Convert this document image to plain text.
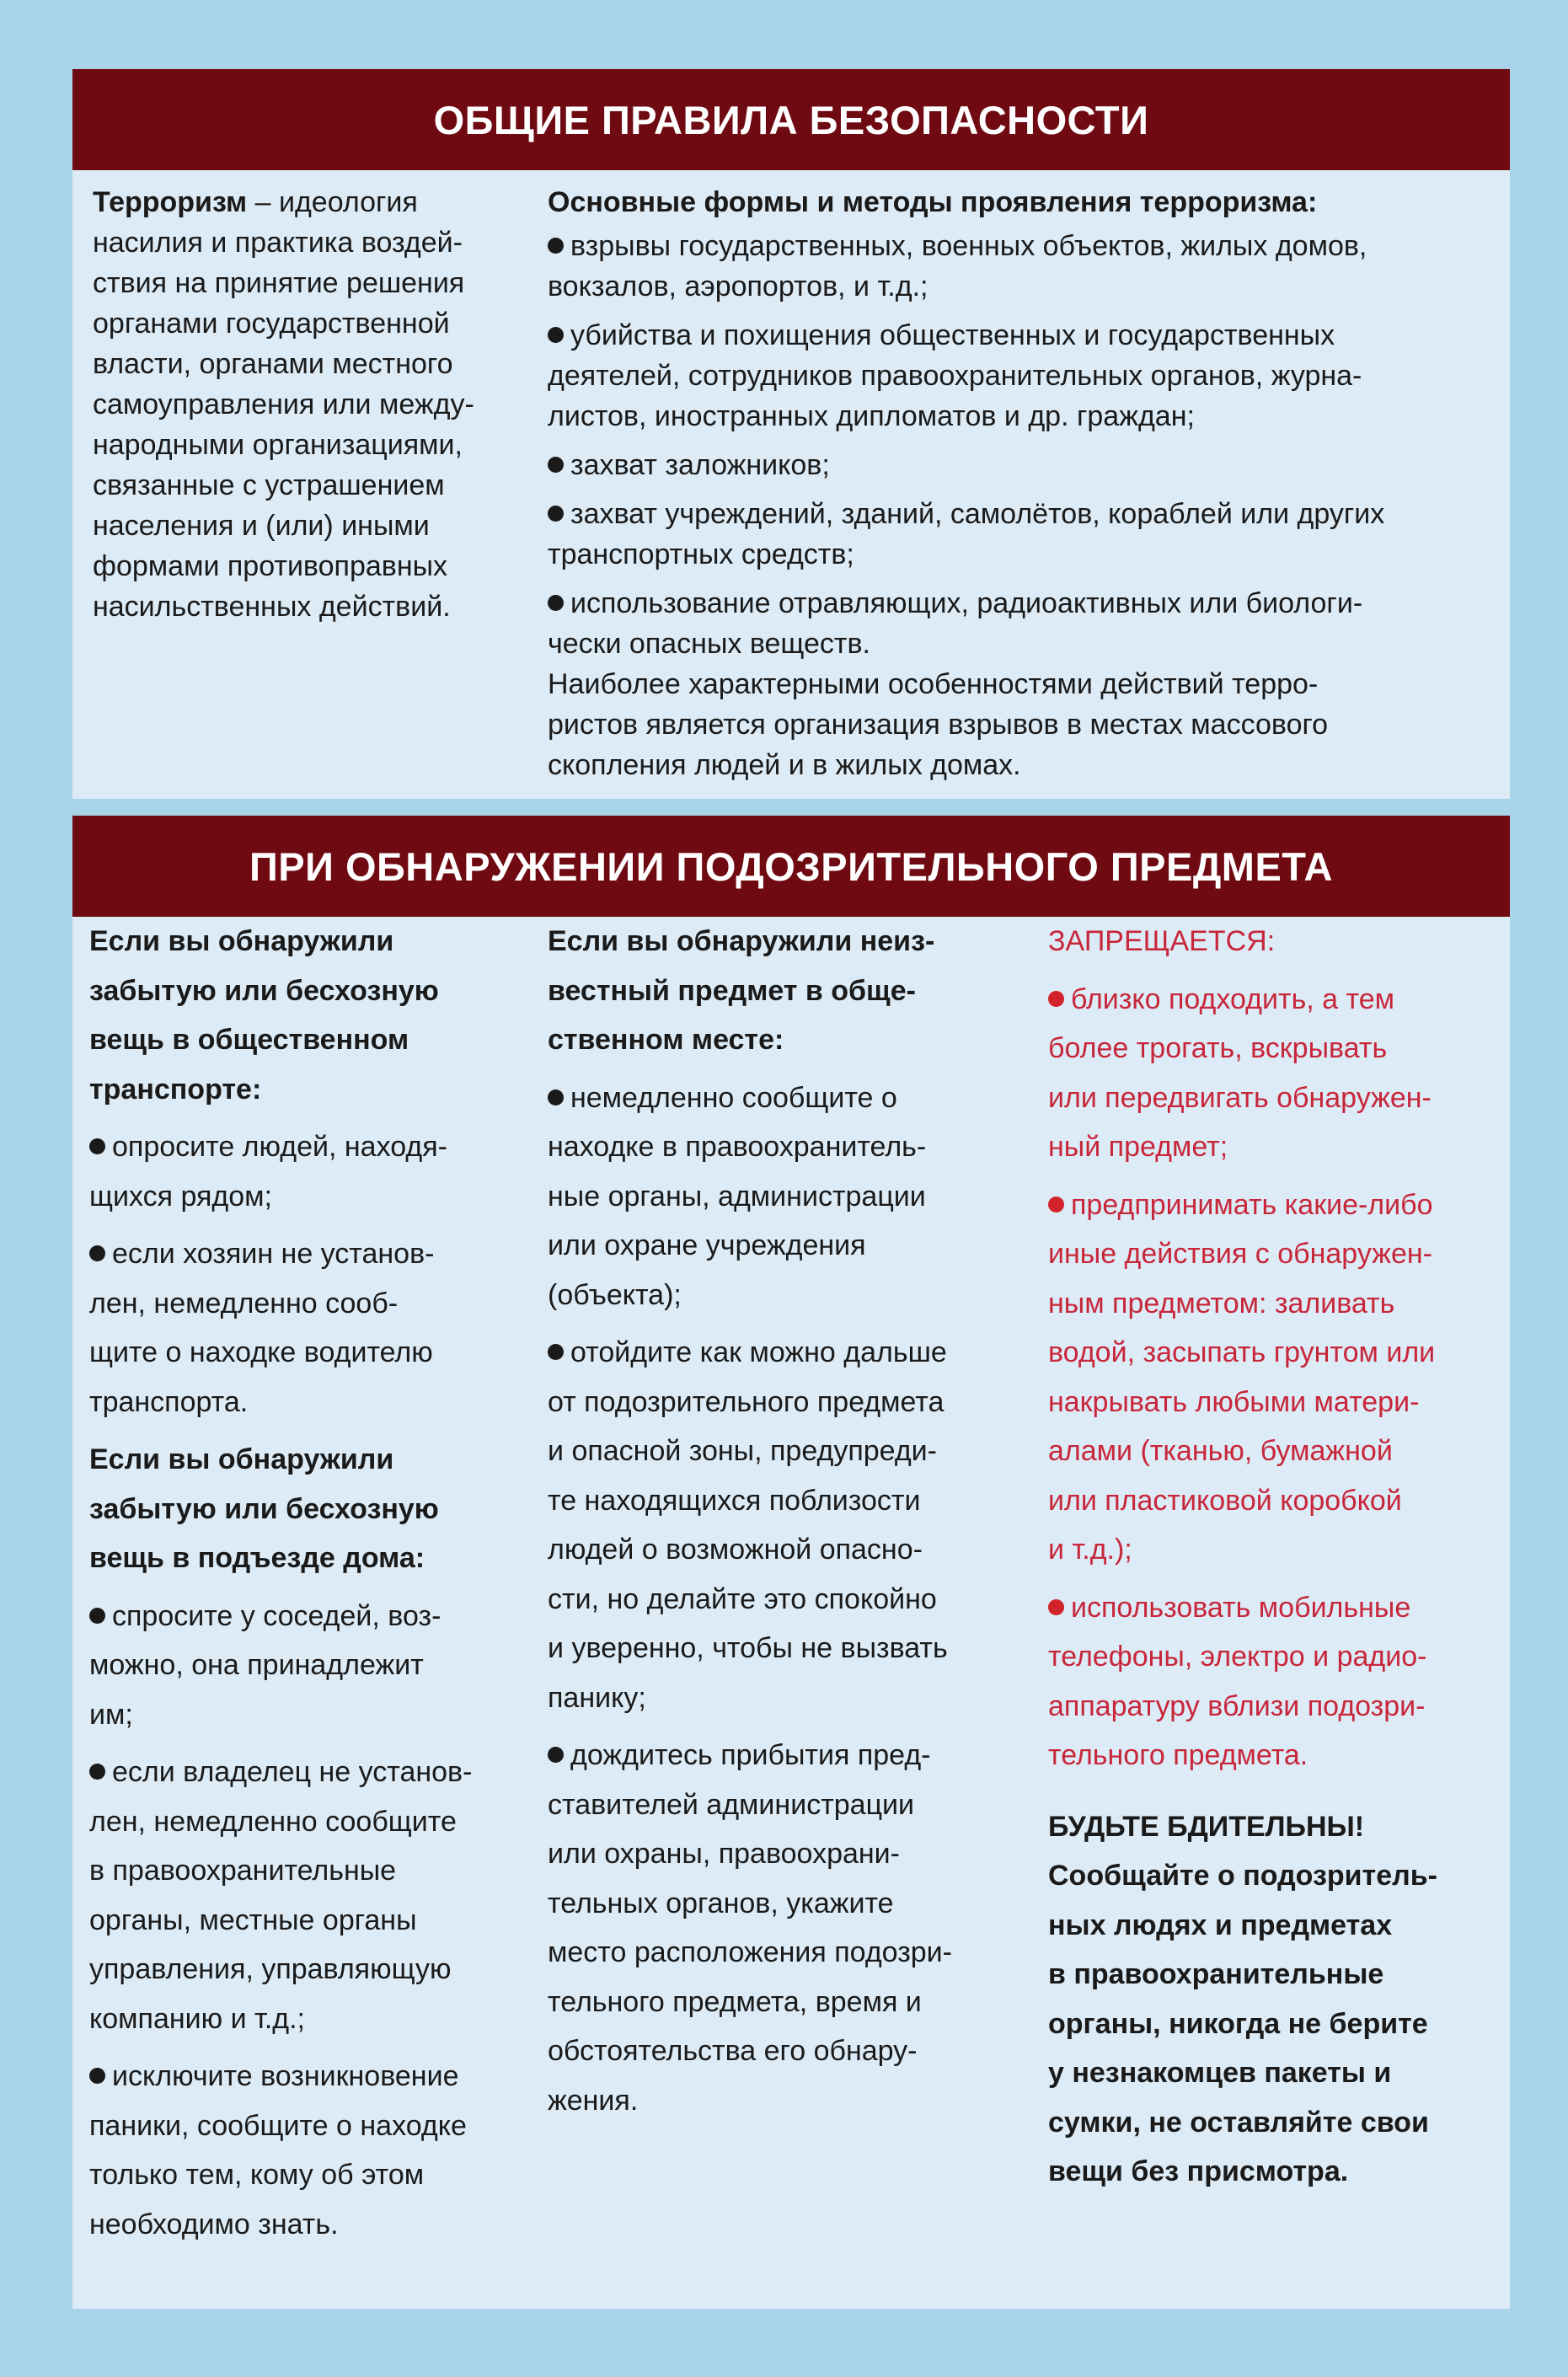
ОБЩИЕ ПРАВИЛА БЕЗОПАСНОСТИ

Терроризм – идеология

насилия и практика воздей-

ствия на принятие решения

органами государственной

власти, органами местного

самоуправления или между-

народными организациями,

связанные с устрашением

населения и (или) иными

формами противоправных

насильственных действий.

Основные формы и методы проявления терроризма:

взрывы государственных, военных объектов, жилых домов,

вокзалов, аэропортов, и т.д.;

убийства и похищения общественных и государственных

деятелей, сотрудников правоохранительных органов, журна-

листов, иностранных дипломатов и др. граждан;

захват заложников;

захват учреждений, зданий, самолётов, кораблей или других

транспортных средств;

использование отравляющих, радиоактивных или биологи-

чески опасных веществ.

Наиболее характерными особенностями действий терро-

ристов является организация взрывов в местах массового

скопления людей и в жилых домах.

ПРИ ОБНАРУЖЕНИИ ПОДОЗРИТЕЛЬНОГО ПРЕДМЕТА

Если вы обнаружили

забытую или бесхозную

вещь в общественном

транспорте:

опросите людей, находя-

щихся рядом;

если хозяин не установ-

лен, немедленно сооб-

щите о находке водителю

транспорта.

Если вы обнаружили

забытую или бесхозную

вещь в подъезде дома:

спросите у соседей, воз-

можно, она принадлежит

им;

если владелец не установ-

лен, немедленно сообщите

в правоохранительные

органы, местные органы

управления, управляющую

компанию и т.д.;

исключите возникновение

паники, сообщите о находке

только тем, кому об этом

необходимо знать.

Если вы обнаружили неиз-

вестный предмет в обще-

ственном месте:

немедленно сообщите о

находке в правоохранитель-

ные органы, администрации

или охране учреждения

(объекта);

отойдите как можно дальше

от подозрительного предмета

и опасной зоны, предупреди-

те находящихся поблизости

людей о возможной опасно-

сти, но делайте это спокойно

и уверенно, чтобы не вызвать

панику;

дождитесь прибытия пред-

ставителей администрации

или охраны, правоохрани-

тельных органов, укажите

место расположения подозри-

тельного предмета, время и

обстоятельства его обнару-

жения.

ЗАПРЕЩАЕТСЯ:

близко подходить, а тем

более трогать, вскрывать

или передвигать обнаружен-

ный предмет;

предпринимать какие-либо

иные действия с обнаружен-

ным предметом: заливать

водой, засыпать грунтом или

накрывать любыми матери-

алами (тканью, бумажной

или пластиковой коробкой

и т.д.);

использовать мобильные

телефоны, электро и радио-

аппаратуру вблизи подозри-

тельного предмета.

БУДЬТЕ БДИТЕЛЬНЫ!

Сообщайте о подозритель-

ных людях и предметах

в правоохранительные

органы, никогда не берите

у незнакомцев пакеты и

сумки, не оставляйте свои

вещи без присмотра.
